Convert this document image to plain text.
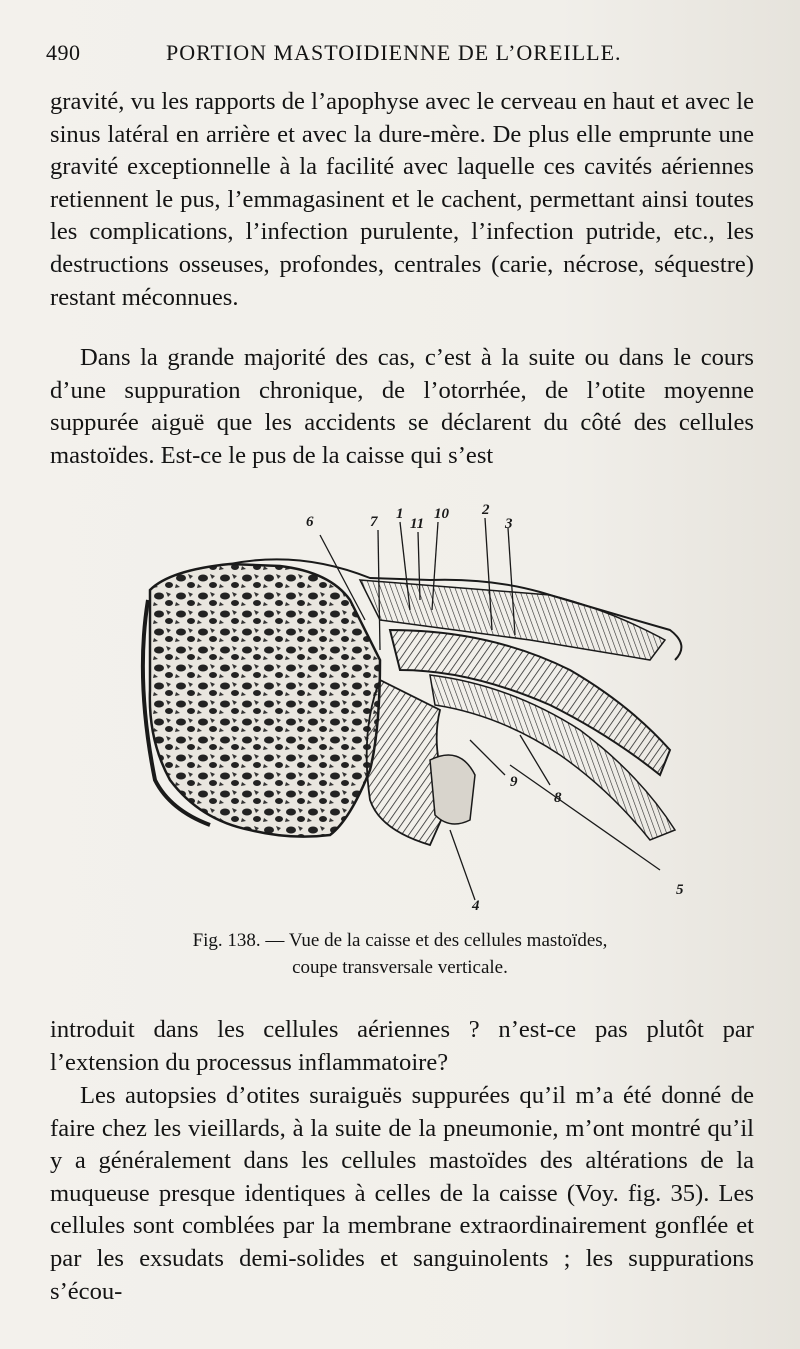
490	PORTION MASTOIDIENNE DE L’OREILLE.

gravité, vu les rapports de l’apophyse avec le cerveau en haut et avec le sinus latéral en arrière et avec la dure-mère. De plus elle emprunte une gravité exceptionnelle à la facilité avec laquelle ces cavités aériennes retiennent le pus, l’emmagasinent et le cachent, permettant ainsi toutes les complications, l’infection purulente, l’infection putride, etc., les destructions osseuses, profondes, centrales (carie, nécrose, séquestre) restant méconnues.

Dans la grande majorité des cas, c’est à la suite ou dans le cours d’une suppuration chronique, de l’otorrhée, de l’otite moyenne suppurée aiguë que les accidents se déclarent du côté des cellules mastoïdes. Est-ce le pus de la caisse qui s’est

6	7 1
11
10 2
3
9
8
5
4
Fig. 138. — Vue de la caisse et des cellules mastoïdes,
coupe transversale verticale.

introduit dans les cellules aériennes ? n’est-ce pas plutôt par l’extension du processus inflammatoire?

Les autopsies d’otites suraiguës suppurées qu’il m’a été donné de faire chez les vieillards, à la suite de la pneumonie, m’ont montré qu’il y a généralement dans les cellules mastoïdes des altérations de la muqueuse presque identiques à celles de la caisse (Voy. fig. 35). Les cellules sont comblées par la membrane extraordinairement gonflée et par les exsudats demi-solides et sanguinolents ; les suppurations s’écou-
